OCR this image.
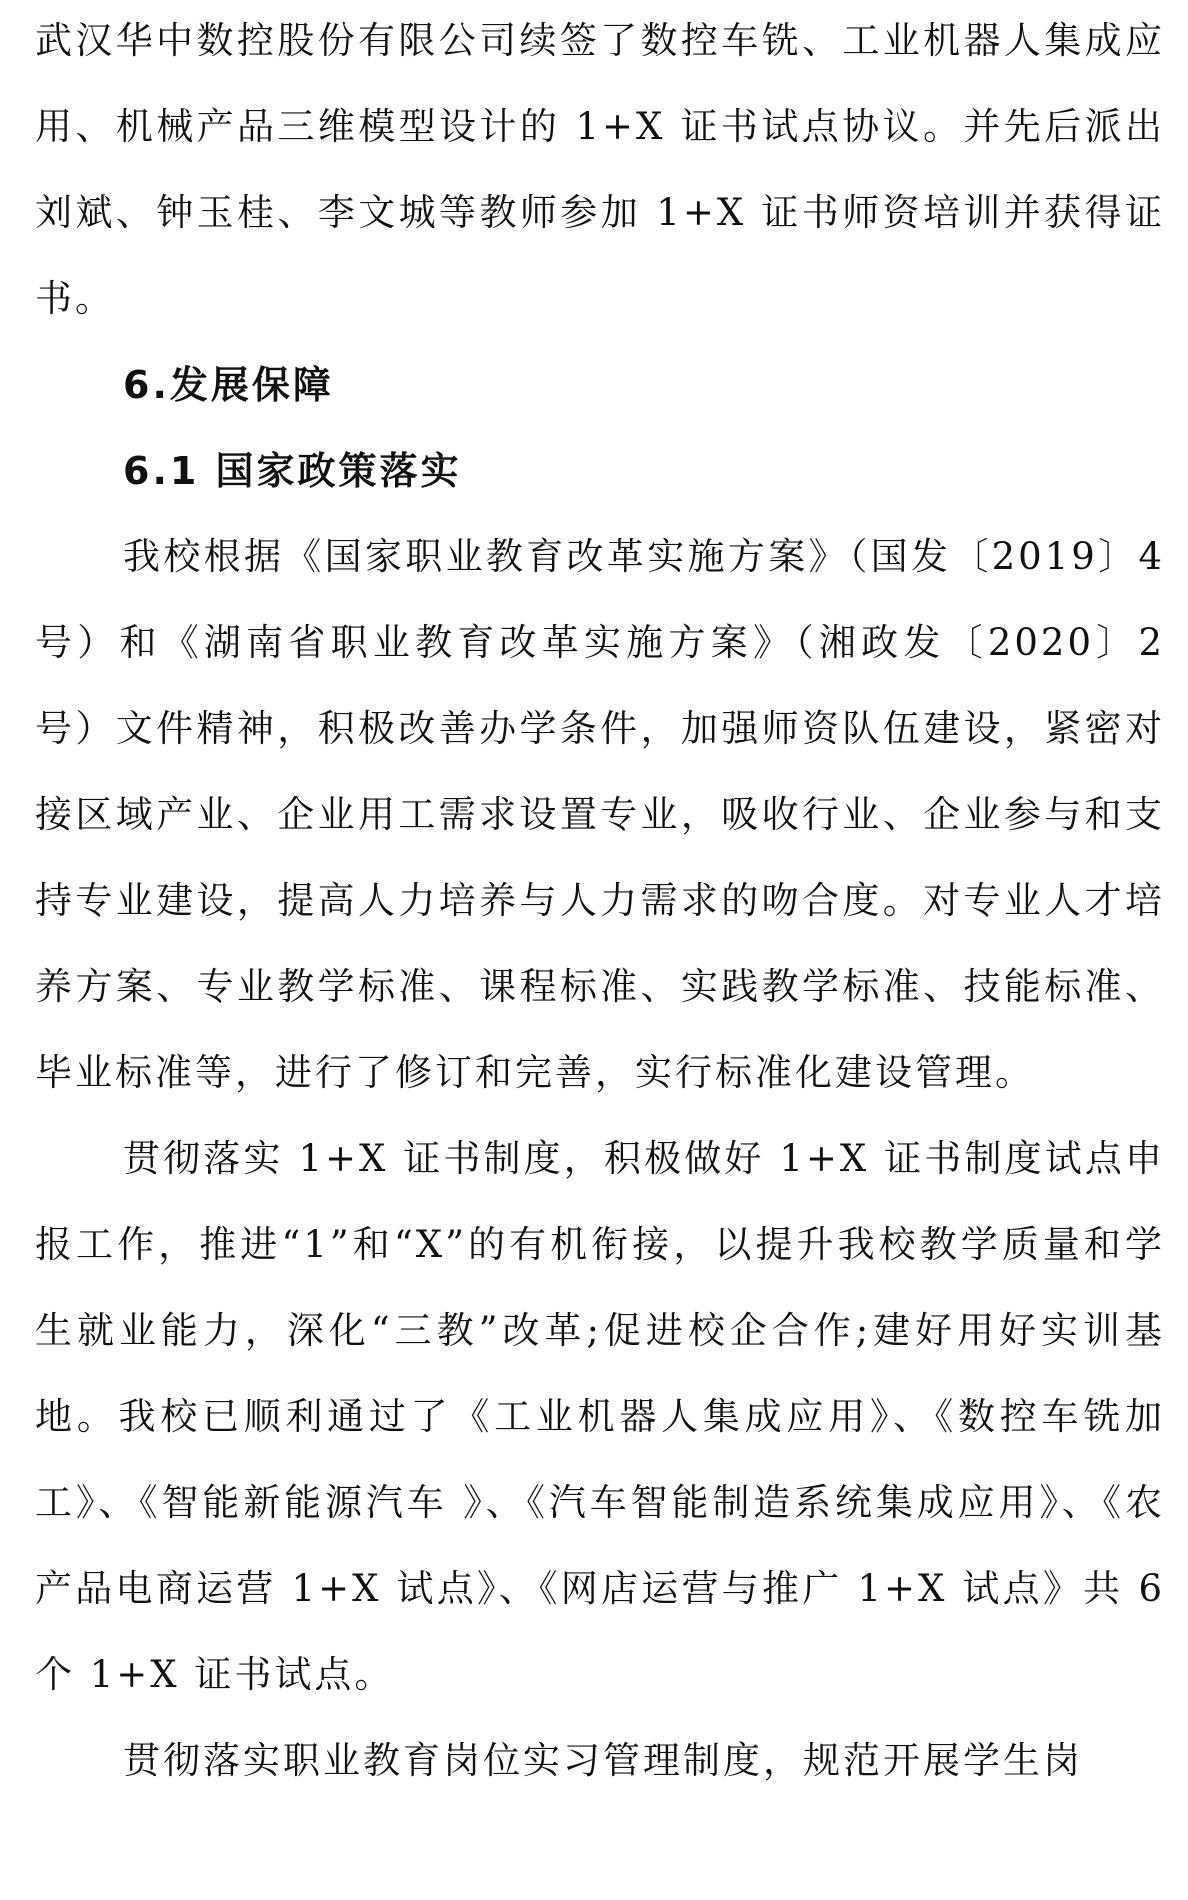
武汉华中数控股份有限公司续签了数控车铣、工业机器人集成应用、机械产品三维模型设计的 1+X 证书试点协议。并先后派出刘斌、钟玉桂、李文城等教师参加 1+X 证书师资培训并获得证书。

6.发展保障
6.1 国家政策落实

我校根据《国家职业教育改革实施方案》（国发〔2019〕4 号）和《湖南省职业教育改革实施方案》（湘政发〔2020〕2 号）文件精神，积极改善办学条件，加强师资队伍建设，紧密对接区域产业、企业用工需求设置专业，吸收行业、企业参与和支持专业建设，提高人力培养与人力需求的吻合度。对专业人才培养方案、专业教学标准、课程标准、实践教学标准、技能标准、毕业标准等，进行了修订和完善，实行标准化建设管理。

贯彻落实 1+X 证书制度，积极做好 1+X 证书制度试点申报工作，推进“1”和“X”的有机衔接，以提升我校教学质量和学生就业能力，深化“三教”改革;促进校企合作;建好用好实训基地。我校已顺利通过了《工业机器人集成应用》、《数控车铣加工》、《智能新能源汽车 》、《汽车智能制造系统集成应用》、《农产品电商运营 1+X 试点》、《网店运营与推广 1+X 试点》共 6 个 1+X 证书试点。

贯彻落实职业教育岗位实习管理制度，规范开展学生岗
